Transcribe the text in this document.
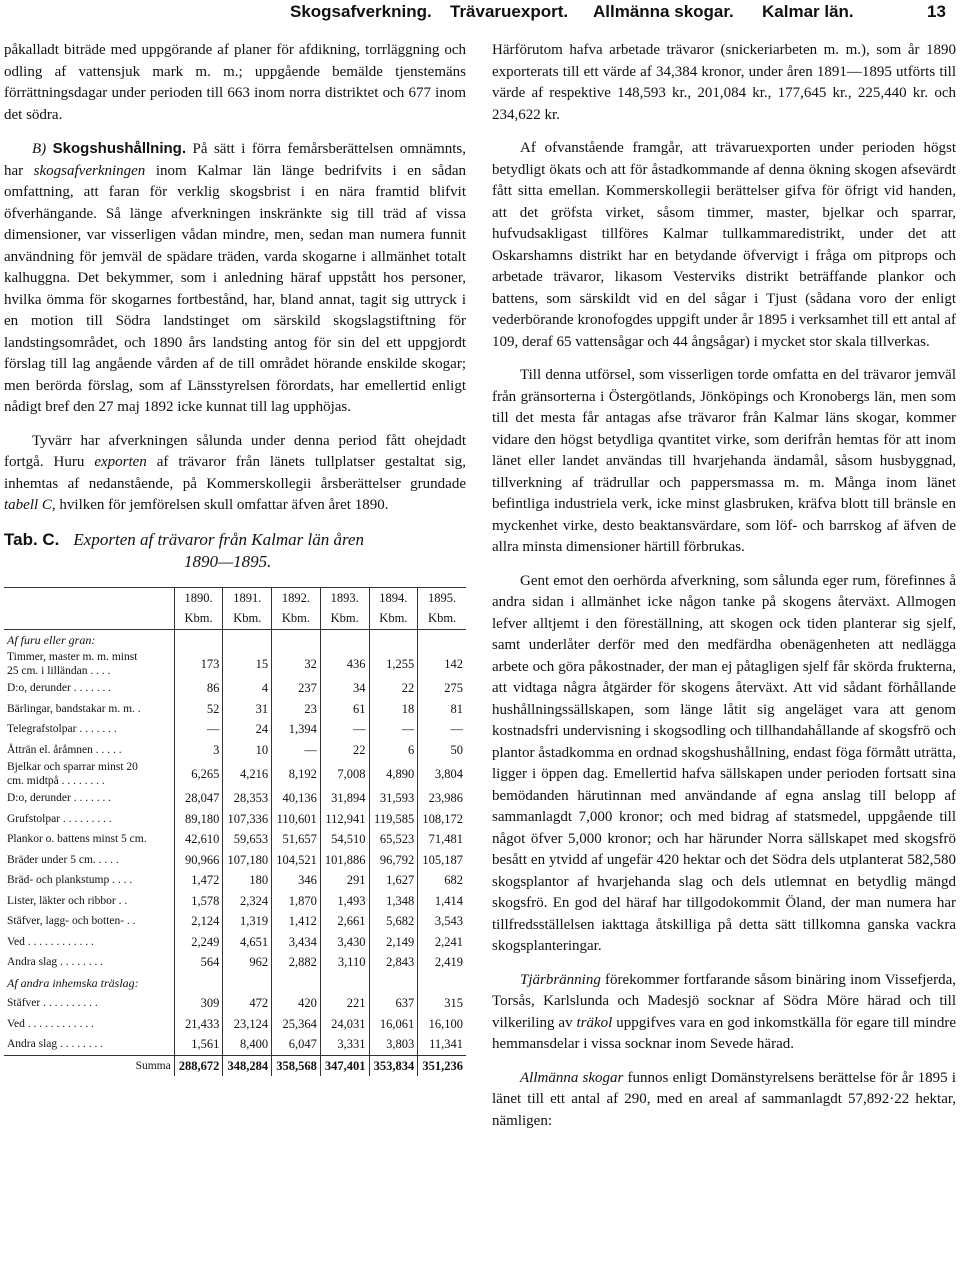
Skogsafverkning. Trävaruexport. Allmänna skogar. Kalmar län.	13

påkalladt biträde med uppgörande af planer för afdikning, torrläggning och odling af vattensjuk mark m. m.; uppgående bemälde tjenstemäns förrättningsdagar under perioden till 663 inom norra distriktet och 677 inom det södra.

B) Skogshushållning. På sätt i förra femårsberättelsen omnämnts, har skogsafverkningen inom Kalmar län länge bedrifvits i en sådan omfattning, att faran för verklig skogsbrist i en nära framtid blifvit öfverhängande. Så länge afverkningen inskränkte sig till träd af vissa dimensioner, var visserligen vådan mindre, men, sedan man numera funnit användning för jemväl de spädare träden, varda skogarne i allmänhet totalt kalhuggna. Det bekymmer, som i anledning häraf uppstått hos personer, hvilka ömma för skogarnes fortbestånd, har, bland annat, tagit sig uttryck i en motion till Södra landstinget om särskild skogslagstiftning för landstingsområdet, och 1890 års landsting antog för sin del ett uppgjordt förslag till lag angående vården af de till området hörande enskilde skogar; men berörda förslag, som af Länsstyrelsen förordats, har emellertid enligt nådigt bref den 27 maj 1892 icke kunnat till lag upphöjas.

Tyvärr har afverkningen sålunda under denna period fått ohejdadt fortgå. Huru exporten af trävaror från länets tullplatser gestaltat sig, inhemtas af nedanstående, på Kommerskollegii årsberättelser grundade tabell C, hvilken för jemförelsen skull omfattar äfven året 1890.

Tab. C. Exporten af trävaror från Kalmar län åren
1890—1895.
	1890.	1891.	1892.	1893.	1894.	1895.
	Kbm.	Kbm.	Kbm.	Kbm.	Kbm.	Kbm.
Af furu eller gran:						

Timmer, master m. m. minst
25 cm. i lilländan . . . .	173	15	32	436	1,255	142
D:o, derunder . . . . . . .	86	4	237	34	22	275
Bärlingar, bandstakar m. m. .	52	31	23	61	18	81
Telegrafstolpar . . . . . . .	—	24	1,394	—	—	—
Åtträn el. åråmnen . . . . .	3	10	—	22	6	50

Bjelkar och sparrar minst 20
cm. midtpå . . . . . . . .	6,265	4,216	8,192	7,008	4,890	3,804
D:o, derunder . . . . . . .	28,047	28,353	40,136	31,894	31,593	23,986
Grufstolpar . . . . . . . . .	89,180	107,336	110,601	112,941	119,585	108,172
Plankor o. battens minst 5 cm.	42,610	59,653	51,657	54,510	65,523	71,481
Bräder under 5 cm. . . . .	90,966	107,180	104,521	101,886	96,792	105,187
Bräd- och plankstump . . . .	1,472	180	346	291	1,627	682
Lister, läkter och ribbor . .	1,578	2,324	1,870	1,493	1,348	1,414
Stäfver, lagg- och botten- . .	2,124	1,319	1,412	2,661	5,682	3,543
Ved . . . . . . . . . . . .	2,249	4,651	3,434	3,430	2,149	2,241
Andra slag . . . . . . . .	564	962	2,882	3,110	2,843	2,419
Af andra inhemska träslag:						
Stäfver . . . . . . . . . .	309	472	420	221	637	315
Ved . . . . . . . . . . . .	21,433	23,124	25,364	24,031	16,061	16,100
Andra slag . . . . . . . .	1,561	8,400	6,047	3,331	3,803	11,341
Summa	288,672	348,284	358,568	347,401	353,834	351,236

Härförutom hafva arbetade trävaror (snickeriarbeten m. m.), som år 1890 exporterats till ett värde af 34,384 kronor, under åren 1891—1895 utförts till värde af respektive 148,593 kr., 201,084 kr., 177,645 kr., 225,440 kr. och 234,622 kr.

Af ofvanstående framgår, att trävaruexporten under perioden högst betydligt ökats och att för åstadkommande af denna ökning skogen afsevärdt fått sitta emellan. Kommerskollegii berättelser gifva för öfrigt vid handen, att det gröfsta virket, såsom timmer, master, bjelkar och sparrar, hufvudsakligast tillföres Kalmar tullkammaredistrikt, under det att Oskarshamns distrikt har en betydande öfvervigt i fråga om pitprops och arbetade trävaror, likasom Vesterviks distrikt beträffande plankor och battens, som särskildt vid en del sågar i Tjust (sådana voro der enligt vederbörande kronofogdes uppgift under år 1895 i verksamhet till ett antal af 109, deraf 65 vattensågar och 44 ångsågar) i mycket stor skala tillverkas.

Till denna utförsel, som visserligen torde omfatta en del trävaror jemväl från gränsorterna i Östergötlands, Jönköpings och Kronobergs län, men som till det mesta får antagas afse trävaror från Kalmar läns skogar, kommer vidare den högst betydliga qvantitet virke, som derifrån hemtas för att inom länet eller landet användas till hvarjehanda ändamål, såsom husbyggnad, tillverkning af trädrullar och pappersmassa m. m. Många inom länet befintliga industriela verk, icke minst glasbruken, kräfva blott till bränsle en myckenhet virke, desto beaktansvärdare, som löf- och barrskog af äfven de allra minsta dimensioner härtill förbrukas.

Gent emot den oerhörda afverkning, som sålunda eger rum, förefinnes å andra sidan i allmänhet icke någon tanke på skogens återväxt. Allmogen lefver alltjemt i den föreställning, att skogen ock tiden planterar sig sjelf, samt underlåter derför med den medfärdha obenägenheten att nedlägga arbete och göra påkostnader, der man ej påtagligen sjelf får skörda frukterna, att vidtaga några åtgärder för skogens återväxt. Att vid sådant förhållande hushållningssällskapen, som länge låtit sig angeläget vara att genom kostnadsfri undervisning i skogsodling och tillhandahållande af skogsfrö och plantor åstadkomma en ordnad skogshushållning, endast föga förmått uträtta, ligger i öppen dag. Emellertid hafva sällskapen under perioden fortsatt sina bemödanden härutinnan med användande af egna anslag till belopp af sammanlagdt 7,000 kronor; och med bidrag af statsmedel, uppgående till något öfver 5,000 kronor; och har härunder Norra sällskapet med skogsfrö besått en ytvidd af ungefär 420 hektar och det Södra dels utplanterat 582,580 skogsplantor af hvarjehanda slag och dels utlemnat en betydlig mängd skogsfrö. En god del häraf har tillgodokommit Öland, der man numera har tillfredsställelsen iakttaga åtskilliga på detta sätt tillkomna ganska vackra skogsplanteringar.

Tjärbränning förekommer fortfarande såsom binäring inom Vissefjerda, Torsås, Karlslunda och Madesjö socknar af Södra Möre härad och till vilkeriling av träkol uppgifves vara en god inkomstkälla för egare till mindre hemmansdelar i vissa socknar inom Sevede härad.

Allmänna skogar funnos enligt Domänstyrelsens berättelse för år 1895 i länet till ett antal af 290, med en areal af sammanlagdt 57,892·22 hektar, nämligen:
